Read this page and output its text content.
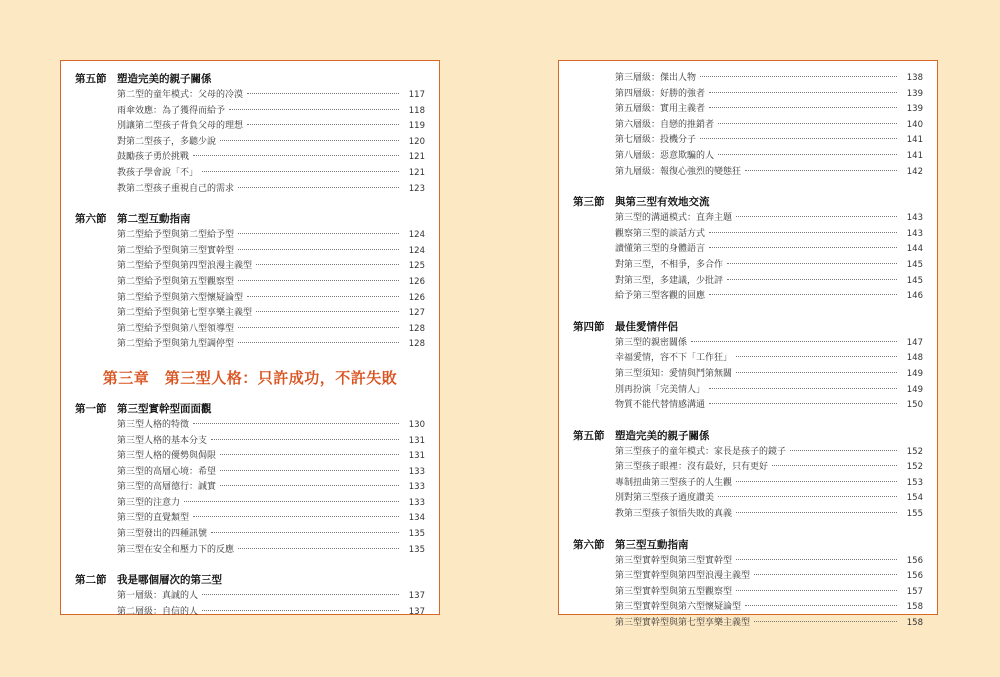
第五節	塑造完美的親子關係
第二型的童年模式：父母的冷漠	117
雨傘效應：為了獲得而給予	118
別讓第二型孩子背負父母的理想	119
對第二型孩子，多聽少說	120
鼓勵孩子勇於挑戰	121
教孩子學會說「不」	121
教第二型孩子重視自己的需求	123
第六節	第二型互動指南
第二型給予型與第二型給予型	124
第二型給予型與第三型實幹型	124
第二型給予型與第四型浪漫主義型	125
第二型給予型與第五型觀察型	126
第二型給予型與第六型懷疑論型	126
第二型給予型與第七型享樂主義型	127
第二型給予型與第八型領導型	128
第二型給予型與第九型調停型	128
第三章　第三型人格：只許成功，不許失敗
第一節	第三型實幹型面面觀
第三型人格的特徵	130
第三型人格的基本分支	131
第三型人格的優勢與侷限	131
第三型的高層心境：希望	133
第三型的高層德行：誠實	133
第三型的注意力	133
第三型的直覺類型	134
第三型發出的四種訊號	135
第三型在安全和壓力下的反應	135
第二節	我是哪個層次的第三型
第一層級：真誠的人	137
第二層級：自信的人	137
第三層級：傑出人物	138
第四層級：好勝的強者	139
第五層級：實用主義者	139
第六層級：自戀的推銷者	140
第七層級：投機分子	141
第八層級：惡意欺騙的人	141
第九層級：報復心強烈的變態狂	142
第三節	與第三型有效地交流
第三型的溝通模式：直奔主題	143
觀察第三型的談話方式	143
讀懂第三型的身體語言	144
對第三型，不相爭，多合作	145
對第三型，多建議，少批評	145
給予第三型客觀的回應	146
第四節	最佳愛情伴侶
第三型的親密關係	147
幸福愛情，容不下「工作狂」	148
第三型須知：愛情與鬥第無關	149
別再扮演「完美情人」	149
物質不能代替情感溝通	150
第五節	塑造完美的親子關係
第三型孩子的童年模式：家長是孩子的鏡子	152
第三型孩子眼裡：沒有最好，只有更好	152
專制扭曲第三型孩子的人生觀	153
別對第三型孩子過度讚美	154
教第三型孩子領悟失敗的真義	155
第六節	第三型互動指南
第三型實幹型與第三型實幹型	156
第三型實幹型與第四型浪漫主義型	156
第三型實幹型與第五型觀察型	157
第三型實幹型與第六型懷疑論型	158
第三型實幹型與第七型享樂主義型	158
